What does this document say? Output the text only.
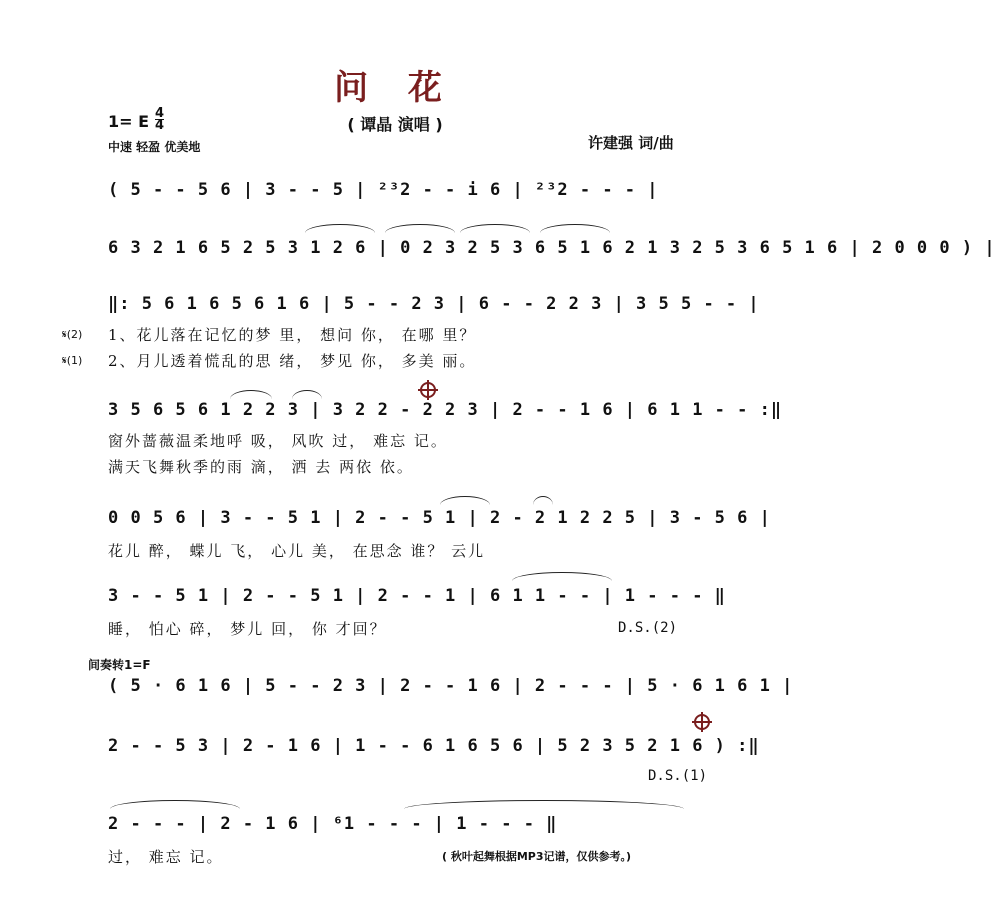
问 花
( 谭晶 演唱 )
1= E 4
4
中速 轻盈 优美地	许建强 词/曲
( 5 - - 5 6 | 3 - - 5 | ²³2 - - i 6 | ²³2 - - - |
6 3 2 1 6 5 2 5 3 1 2 6 | 0 2 3 2 5 3 6 5 1 6 2 1 3 2 5 3 6 5 1 6 | 2 0 0 0 ) |
‖: 5 6 1 6 5 6 1 6 | 5 - - 2 3 | 6 - - 2 2 3 | 3 5 5 - - |
𝄋(2)
𝄋(1)
1、花儿落在记忆的梦 里， 想问 你， 在哪 里？
2、月儿透着慌乱的思 绪， 梦见 你， 多美 丽。
3 5 6 5 6 1 2 2 3 | 3 2 2 - 2 2 3 | 2 - - 1 6 | 6 1 1 - - :‖
窗外蔷薇温柔地呼 吸， 风吹 过， 难忘 记。
满天飞舞秋季的雨 滴， 洒 去 两依 依。
0 0 5 6 | 3 - - 5 1 | 2 - - 5 1 | 2 - 2 1 2 2 5 | 3 - 5 6 |
花儿 醉， 蝶儿 飞， 心儿 美， 在思念 谁？ 云儿
3 - - 5 1 | 2 - - 5 1 | 2 - - 1 | 6 1 1 - - | 1 - - - ‖
睡， 怕心 碎， 梦儿 回， 你 才回？	D.S.(2)
间奏转1=F
( 5 · 6 1 6 | 5 - - 2 3 | 2 - - 1 6 | 2 - - - | 5 · 6 1 6 1 |
2 - - 5 3 | 2 - 1 6 | 1 - - 6 1 6 5 6 | 5 2 3 5 2 1 6 ) :‖
D.S.(1)
2 - - - | 2 - 1 6 | ⁶1 - - - | 1 - - - ‖
过， 难忘 记。	( 秋叶起舞根据MP3记谱，仅供参考。)
